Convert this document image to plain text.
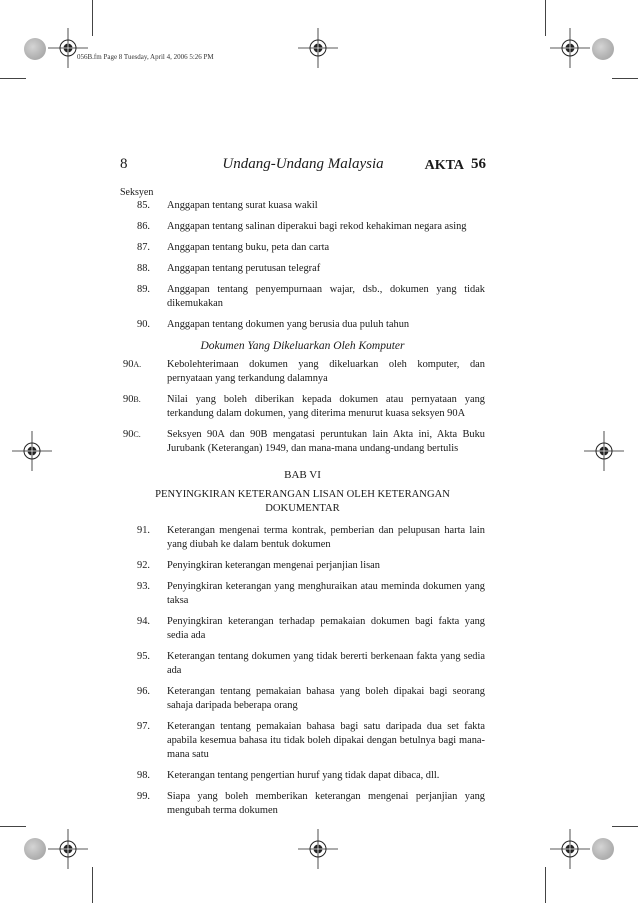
056B.fm Page 8 Tuesday, April 4, 2006 5:26 PM
8	Undang-Undang Malaysia	AKTA 56
Seksyen
85. Anggapan tentang surat kuasa wakil
86. Anggapan tentang salinan diperakui bagi rekod kehakiman negara asing
87. Anggapan tentang buku, peta dan carta
88. Anggapan tentang perutusan telegraf
89. Anggapan tentang penyempurnaan wajar, dsb., dokumen yang tidak dikemukakan
90. Anggapan tentang dokumen yang berusia dua puluh tahun
Dokumen Yang Dikeluarkan Oleh Komputer
90A.	Kebolehterimaan dokumen yang dikeluarkan oleh komputer, dan pernyataan yang terkandung dalamnya
90B.	Nilai yang boleh diberikan kepada dokumen atau pernyataan yang terkandung dalam dokumen, yang diterima menurut kuasa seksyen 90A
90C.	Seksyen 90A dan 90B mengatasi peruntukan lain Akta ini, Akta Buku Jurubank (Keterangan) 1949, dan mana-mana undang-undang bertulis
BAB VI
PENYINGKIRAN KETERANGAN LISAN OLEH KETERANGAN DOKUMENTAR
91. Keterangan mengenai terma kontrak, pemberian dan pelupusan harta lain yang diubah ke dalam bentuk dokumen
92. Penyingkiran keterangan mengenai perjanjian lisan
93. Penyingkiran keterangan yang menghuraikan atau meminda dokumen yang taksa
94. Penyingkiran keterangan terhadap pemakaian dokumen bagi fakta yang sedia ada
95. Keterangan tentang dokumen yang tidak bererti berkenaan fakta yang sedia ada
96. Keterangan tentang pemakaian bahasa yang boleh dipakai bagi seorang sahaja daripada beberapa orang
97. Keterangan tentang pemakaian bahasa bagi satu daripada dua set fakta apabila kesemua bahasa itu tidak boleh dipakai dengan betulnya bagi mana-mana satu
98. Keterangan tentang pengertian huruf yang tidak dapat dibaca, dll.
99. Siapa yang boleh memberikan keterangan mengenai perjanjian yang mengubah terma dokumen
